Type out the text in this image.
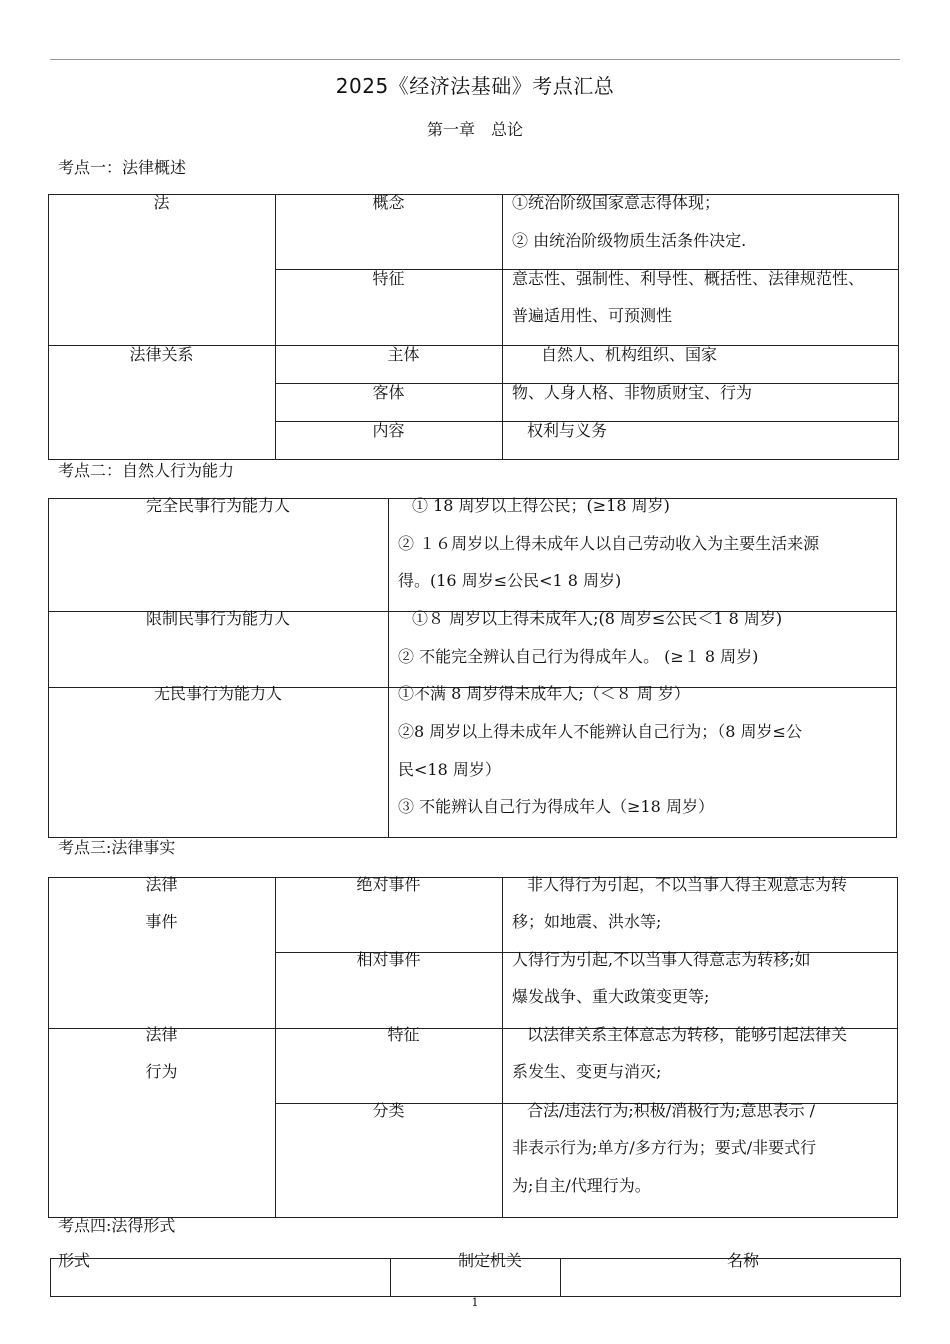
2025《经济法基础》考点汇总
第一章　总论
考点一：法律概述
法	概念	①统治阶级国家意志得体现；
② 由统治阶级物质生活条件决定.
特征	意志性、强制性、利导性、概括性、法律规范性、
普遍适用性、可预测性
法律关系	主体	自然人、机构组织、国家
客体	物、人身人格、非物质财宝、行为
内容	权利与义务
考点二：自然人行为能力
完全民事行为能力人	① 18 周岁以上得公民；(≥18 周岁)
② １６周岁以上得未成年人以自己劳动收入为主要生活来源
得。(16 周岁≤公民<1 8 周岁)
限制民事行为能力人	①８ 周岁以上得未成年人;(8 周岁≤公民＜1 8 周岁)
② 不能完全辨认自己行为得成年人。 (≥１ 8 周岁)
无民事行为能力人	①不满 8 周岁得未成年人;（＜８ 周 岁）
②8 周岁以上得未成年人不能辨认自己行为；（8 周岁≤公
民<18 周岁）
③ 不能辨认自己行为得成年人（≥18 周岁）
考点三:法律事实
法律
事件
绝对事件	非人得行为引起，不以当事人得主观意志为转
移；如地震、洪水等;
相对事件	人得行为引起,不以当事人得意志为转移;如
爆发战争、重大政策变更等;
法律
行为
特征	以法律关系主体意志为转移，能够引起法律关
系发生、变更与消灭;
分类	合法/违法行为;积极/消极行为;意思表示 /
非表示行为;单方/多方行为；要式/非要式行
为;自主/代理行为。
考点四:法得形式
形式	制定机关	名称
1
